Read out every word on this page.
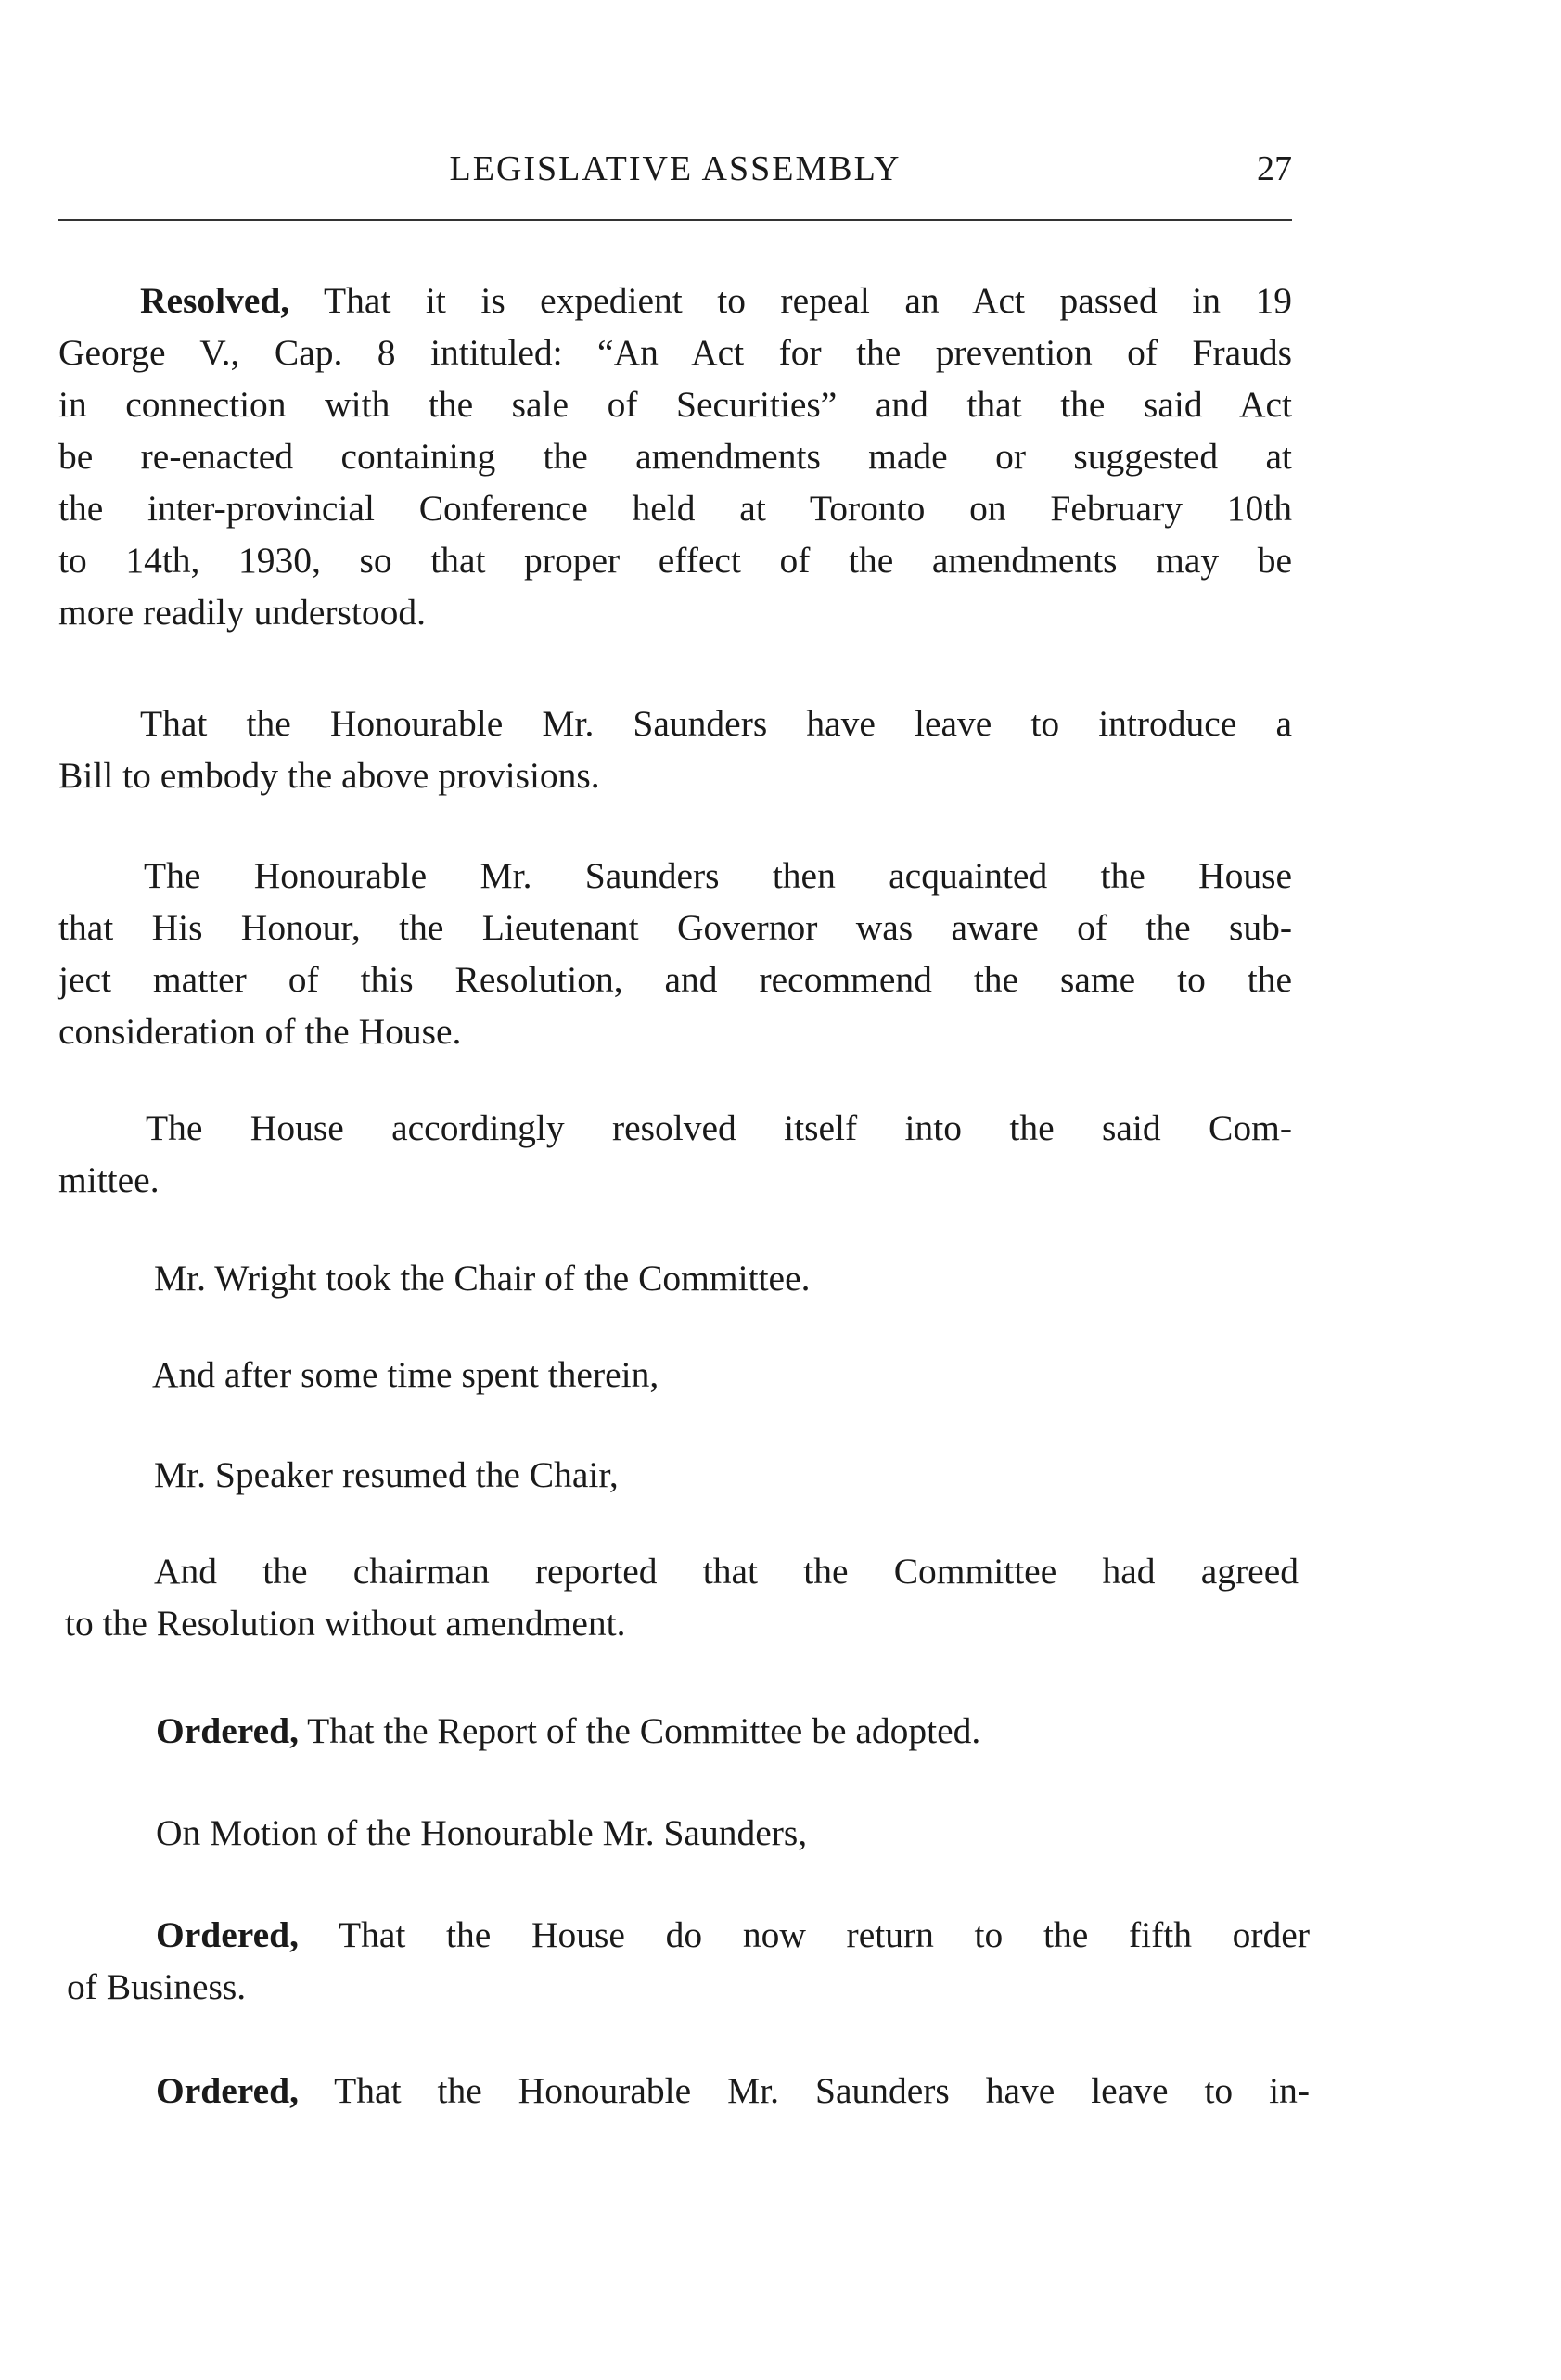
LEGISLATIVE ASSEMBLY	27
Resolved, That it is expedient to repeal an Act passed in 19
George V., Cap. 8 intituled: “An Act for the prevention of Frauds
in connection with the sale of Securities” and that the said Act
be re-enacted containing the amendments made or suggested at
the inter-provincial Conference held at Toronto on February 10th
to 14th, 1930, so that proper effect of the amendments may be
more readily understood.
That the Honourable Mr. Saunders have leave to introduce a
Bill to embody the above provisions.
The Honourable Mr. Saunders then acquainted the House
that His Honour, the Lieutenant Governor was aware of the sub-
ject matter of this Resolution, and recommend the same to the
consideration of the House.
The House accordingly resolved itself into the said Com-
mittee.
Mr. Wright took the Chair of the Committee.
And after some time spent therein,
Mr. Speaker resumed the Chair,
And the chairman reported that the Committee had agreed
to the Resolution without amendment.
Ordered, That the Report of the Committee be adopted.
On Motion of the Honourable Mr. Saunders,
Ordered, That the House do now return to the fifth order
of Business.
Ordered, That the Honourable Mr. Saunders have leave to in-
